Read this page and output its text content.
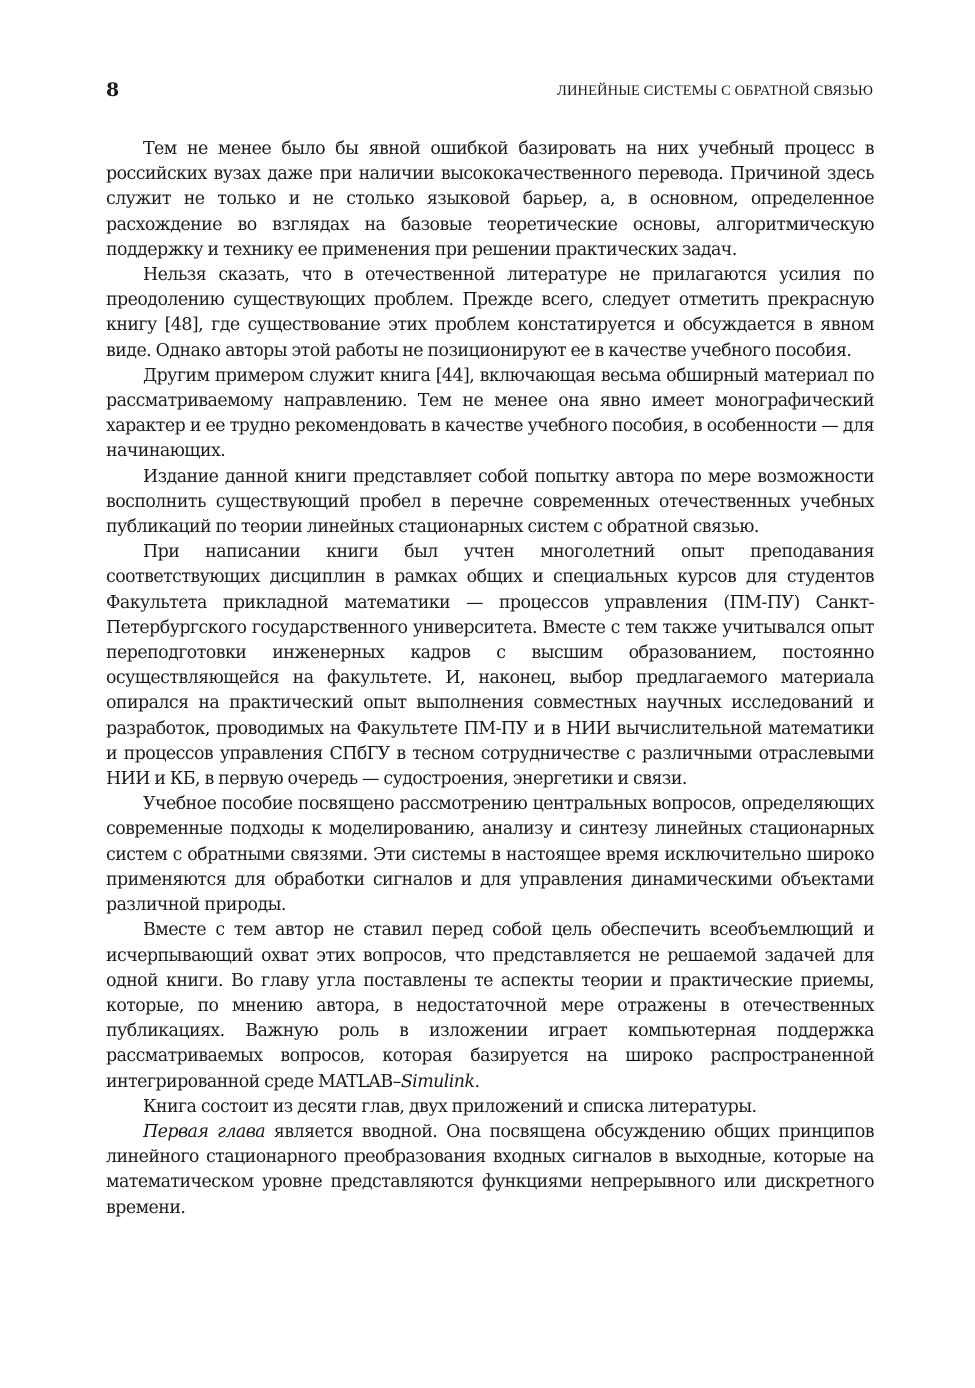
8	ЛИНЕЙНЫЕ СИСТЕМЫ С ОБРАТНОЙ СВЯЗЬЮ

Тем не менее было бы явной ошибкой базировать на них учебный процесс в российских вузах даже при наличии высококачественного перевода. Причиной здесь служит не только и не столько языковой барьер, а, в основном, определенное расхождение во взглядах на базовые теоретические основы, алгоритмическую поддержку и технику ее применения при решении практических задач.

Нельзя сказать, что в отечественной литературе не прилагаются усилия по преодолению существующих проблем. Прежде всего, следует отметить прекрасную книгу [48], где существование этих проблем констатируется и обсуждается в явном виде. Однако авторы этой работы не позиционируют ее в качестве учебного пособия.

Другим примером служит книга [44], включающая весьма обширный материал по рассматриваемому направлению. Тем не менее она явно имеет монографический характер и ее трудно рекомендовать в качестве учебного пособия, в особенности — для начинающих.

Издание данной книги представляет собой попытку автора по мере возможности восполнить существующий пробел в перечне современных отечественных учебных публикаций по теории линейных стационарных систем с обратной связью.

При написании книги был учтен многолетний опыт преподавания соответствующих дисциплин в рамках общих и специальных курсов для студентов Факультета прикладной математики — процессов управления (ПМ-ПУ) Санкт-Петербургского государственного университета. Вместе с тем также учитывался опыт переподготовки инженерных кадров с высшим образованием, постоянно осуществляющейся на факультете. И, наконец, выбор предлагаемого материала опирался на практический опыт выполнения совместных научных исследований и разработок, проводимых на Факультете ПМ-ПУ и в НИИ вычислительной математики и процессов управления СПбГУ в тесном сотрудничестве с различными отраслевыми НИИ и КБ, в первую очередь — судостроения, энергетики и связи.

Учебное пособие посвящено рассмотрению центральных вопросов, определяющих современные подходы к моделированию, анализу и синтезу линейных стационарных систем с обратными связями. Эти системы в настоящее время исключительно широко применяются для обработки сигналов и для управления динамическими объектами различной природы.

Вместе с тем автор не ставил перед собой цель обеспечить всеобъемлющий и исчерпывающий охват этих вопросов, что представляется не решаемой задачей для одной книги. Во главу угла поставлены те аспекты теории и практические приемы, которые, по мнению автора, в недостаточной мере отражены в отечественных публикациях. Важную роль в изложении играет компьютерная поддержка рассматриваемых вопросов, которая базируется на широко распространенной интегрированной среде MATLAB–Simulink.

Книга состоит из десяти глав, двух приложений и списка литературы.

Первая глава является вводной. Она посвящена обсуждению общих принципов линейного стационарного преобразования входных сигналов в выходные, которые на математическом уровне представляются функциями непрерывного или дискретного времени.
